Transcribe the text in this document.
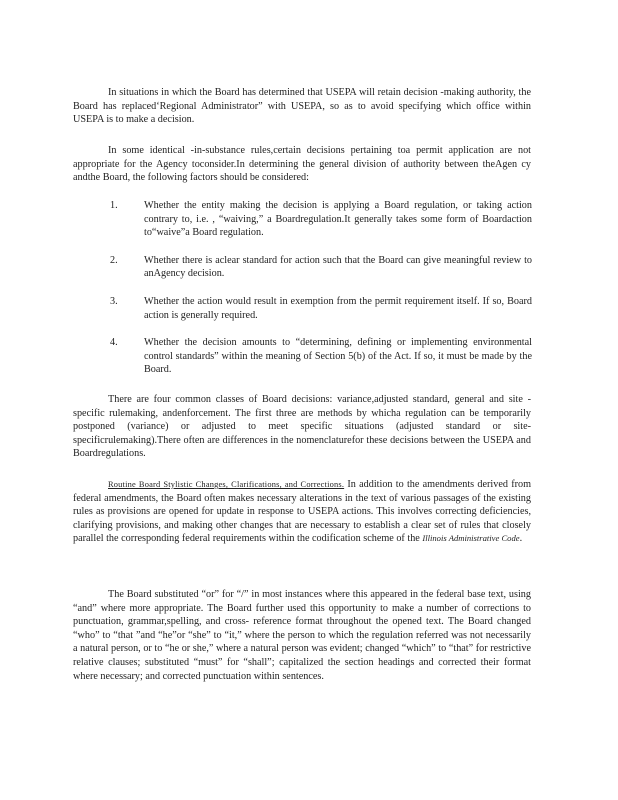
In situations in which the Board has determined that USEPA will retain decision -making authority, the Board has replaced‘Regional Administrator” with USEPA, so as to avoid specifying which office within USEPA is to make a decision.
In some identical -in-substance rules,certain decisions pertaining toa permit application are not appropriate for the Agency toconsider.In determining the general division of authority between theAgen cy andthe Board, the following factors should be considered:
1.	Whether the entity making the decision is applying a Board regulation, or taking action contrary to, i.e. , “waiving,” a Boardregulation.It generally takes some form of Boardaction to“waive”a Board regulation.
2.	Whether there is aclear standard for action such that the Board can give meaningful review to anAgency decision.
3.	Whether the action would result in exemption from the permit requirement itself. If so, Board action is generally required.
4.	Whether the decision amounts to “determining, defining or implementing environmental control standards” within the meaning of Section 5(b) of the Act. If so, it must be made by the Board.
There are four common classes of Board decisions: variance,adjusted standard, general and site -specific rulemaking, andenforcement. The first three are methods by whicha regulation can be temporarily postponed (variance) or adjusted to meet specific situations (adjusted standard or site- specificrulemaking).There often are differences in the nomenclaturefor these decisions between the USEPA and Boardregulations.
Routine Board Stylistic Changes, Clarifications, and Corrections. In addition to the amendments derived from federal amendments, the Board often makes necessary alterations in the text of various passages of the existing rules as provisions are opened for update in response to USEPA actions. This involves correcting deficiencies, clarifying provisions, and making other changes that are necessary to establish a clear set of rules that closely parallel the corresponding federal requirements within the codification scheme of the Illinois Administrative Code.
The Board substituted “or” for “/” in most instances where this appeared in the federal base text, using “and” where more appropriate. The Board further used this opportunity to make a number of corrections to punctuation, grammar,spelling, and cross- reference format throughout the opened text. The Board changed “who” to “that ”and “he”or “she” to “it,” where the person to which the regulation referred was not necessarily a natural person, or to “he or she,” where a natural person was evident; changed “which” to “that” for restrictive relative clauses; substituted “must” for “shall”; capitalized the section headings and corrected their format where necessary; and corrected punctuation within sentences.
